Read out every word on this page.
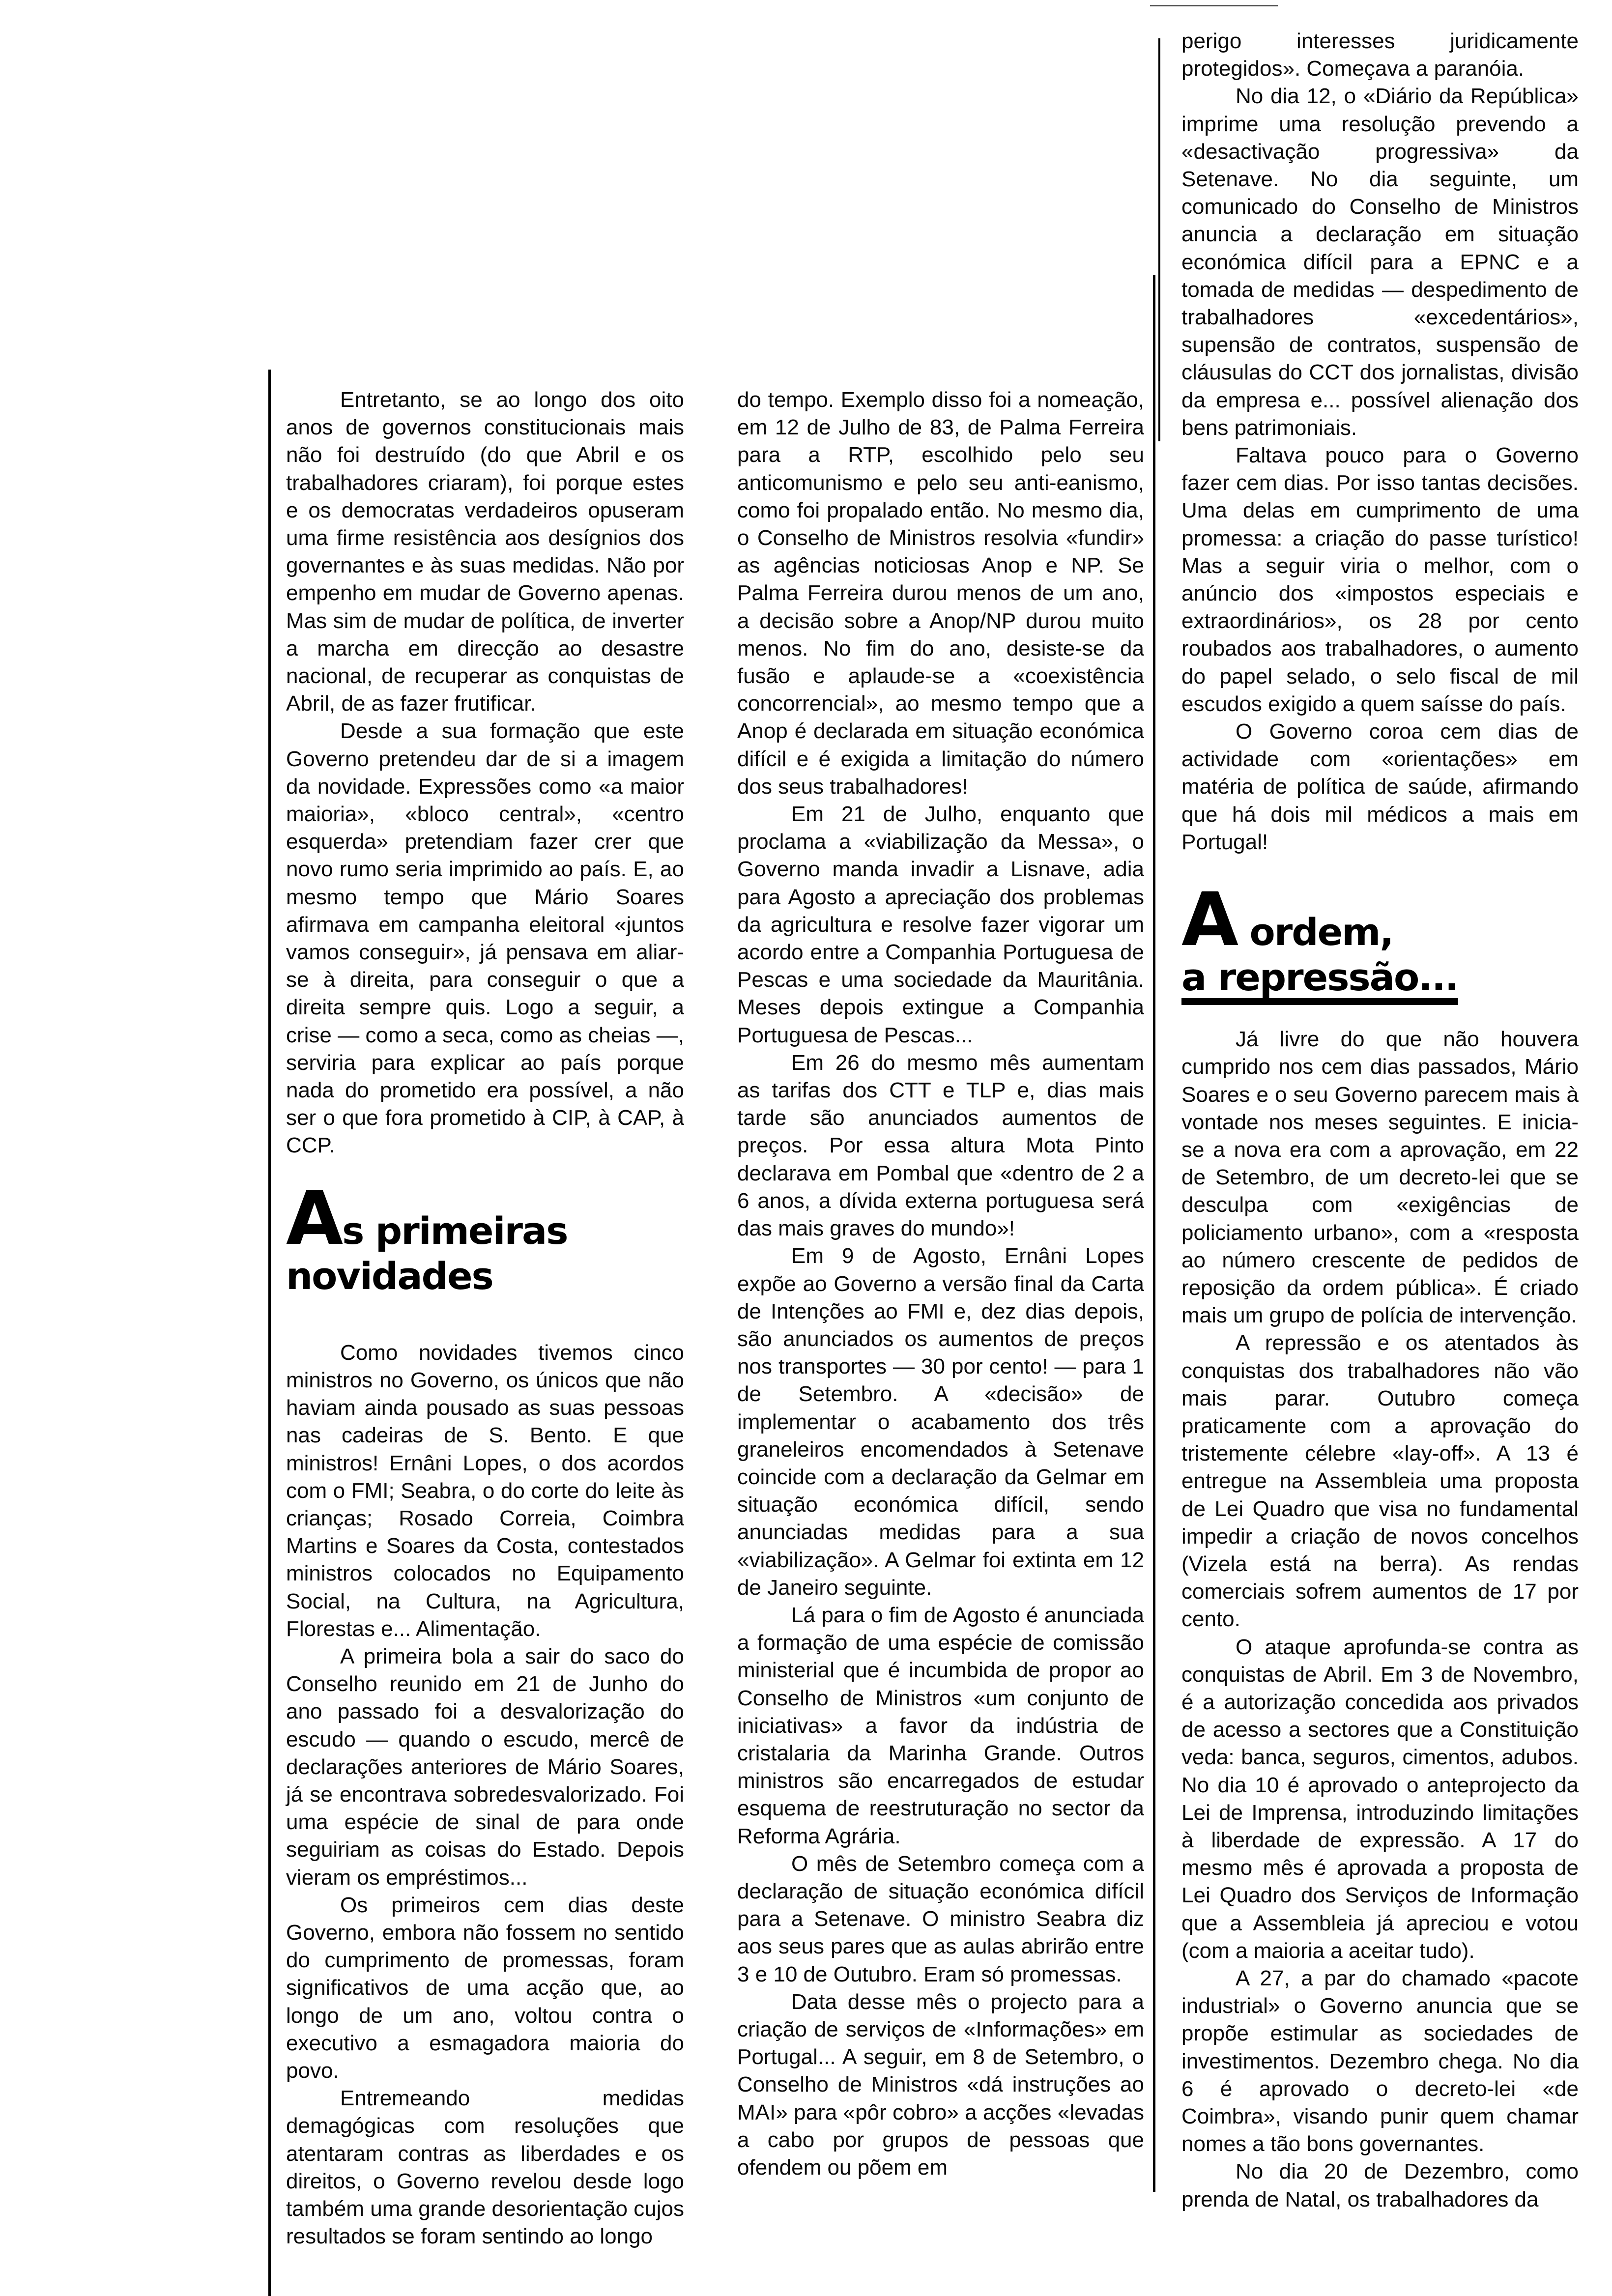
Entretanto, se ao longo dos oito anos de governos constitucionais mais não foi destruído (do que Abril e os trabalhadores criaram), foi porque estes e os democratas verdadeiros opuseram uma firme resistência aos desígnios dos governantes e às suas medidas. Não por empenho em mudar de Governo apenas. Mas sim de mudar de política, de inverter a marcha em direcção ao desastre nacional, de recuperar as conquistas de Abril, de as fazer frutificar.

Desde a sua formação que este Governo pretendeu dar de si a imagem da novidade. Expressões como «a maior maioria», «bloco central», «centro esquerda» pretendiam fazer crer que novo rumo seria imprimido ao país. E, ao mesmo tempo que Mário Soares afirmava em campanha eleitoral «juntos vamos conseguir», já pensava em aliar-se à direita, para conseguir o que a direita sempre quis. Logo a seguir, a crise — como a seca, como as cheias —, serviria para explicar ao país porque nada do prometido era possível, a não ser o que fora prometido à CIP, à CAP, à CCP.

As primeiras
novidades

Como novidades tivemos cinco ministros no Governo, os únicos que não haviam ainda pousado as suas pessoas nas cadeiras de S. Bento. E que ministros! Ernâni Lopes, o dos acordos com o FMI; Seabra, o do corte do leite às crianças; Rosado Correia, Coimbra Martins e Soares da Costa, contestados ministros colocados no Equipamento Social, na Cultura, na Agricultura, Florestas e... Alimentação.

A primeira bola a sair do saco do Conselho reunido em 21 de Junho do ano passado foi a desvalorização do escudo — quando o escudo, mercê de declarações anteriores de Mário Soares, já se encontrava sobredesvalorizado. Foi uma espécie de sinal de para onde seguiriam as coisas do Estado. Depois vieram os empréstimos...

Os primeiros cem dias deste Governo, embora não fossem no sentido do cumprimento de promessas, foram significativos de uma acção que, ao longo de um ano, voltou contra o executivo a esmagadora maioria do povo.

Entremeando medidas demagógicas com resoluções que atentaram contras as liberdades e os direitos, o Governo revelou desde logo também uma grande desorientação cujos resultados se foram sentindo ao longo

do tempo. Exemplo disso foi a nomeação, em 12 de Julho de 83, de Palma Ferreira para a RTP, escolhido pelo seu anticomunismo e pelo seu anti-eanismo, como foi propalado então. No mesmo dia, o Conselho de Ministros resolvia «fundir» as agências noticiosas Anop e NP. Se Palma Ferreira durou menos de um ano, a decisão sobre a Anop/NP durou muito menos. No fim do ano, desiste-se da fusão e aplaude-se a «coexistência concorrencial», ao mesmo tempo que a Anop é declarada em situação económica difícil e é exigida a limitação do número dos seus trabalhadores!

Em 21 de Julho, enquanto que proclama a «viabilização da Messa», o Governo manda invadir a Lisnave, adia para Agosto a apreciação dos problemas da agricultura e resolve fazer vigorar um acordo entre a Companhia Portuguesa de Pescas e uma sociedade da Mauritânia. Meses depois extingue a Companhia Portuguesa de Pescas...

Em 26 do mesmo mês aumentam as tarifas dos CTT e TLP e, dias mais tarde são anunciados aumentos de preços. Por essa altura Mota Pinto declarava em Pombal que «dentro de 2 a 6 anos, a dívida externa portuguesa será das mais graves do mundo»!

Em 9 de Agosto, Ernâni Lopes expõe ao Governo a versão final da Carta de Intenções ao FMI e, dez dias depois, são anunciados os aumentos de preços nos transportes — 30 por cento! — para 1 de Setembro. A «decisão» de implementar o acabamento dos três graneleiros encomendados à Setenave coincide com a declaração da Gelmar em situação económica difícil, sendo anunciadas medidas para a sua «viabilização». A Gelmar foi extinta em 12 de Janeiro seguinte.

Lá para o fim de Agosto é anunciada a formação de uma espécie de comissão ministerial que é incumbida de propor ao Conselho de Ministros «um conjunto de iniciativas» a favor da indústria de cristalaria da Marinha Grande. Outros ministros são encarregados de estudar esquema de reestruturação no sector da Reforma Agrária.

O mês de Setembro começa com a declaração de situação económica difícil para a Setenave. O ministro Seabra diz aos seus pares que as aulas abrirão entre 3 e 10 de Outubro. Eram só promessas.

Data desse mês o projecto para a criação de serviços de «Informações» em Portugal... A seguir, em 8 de Setembro, o Conselho de Ministros «dá instruções ao MAI» para «pôr cobro» a acções «levadas a cabo por grupos de pessoas que ofendem ou põem em

perigo interesses juridicamente protegidos». Começava a paranóia.

No dia 12, o «Diário da República» imprime uma resolução prevendo a «desactivação progressiva» da Setenave. No dia seguinte, um comunicado do Conselho de Ministros anuncia a declaração em situação económica difícil para a EPNC e a tomada de medidas — despedimento de trabalhadores «excedentários», supensão de contratos, suspensão de cláusulas do CCT dos jornalistas, divisão da empresa e... possível alienação dos bens patrimoniais.

Faltava pouco para o Governo fazer cem dias. Por isso tantas decisões. Uma delas em cumprimento de uma promessa: a criação do passe turístico! Mas a seguir viria o melhor, com o anúncio dos «impostos especiais e extraordinários», os 28 por cento roubados aos trabalhadores, o aumento do papel selado, o selo fiscal de mil escudos exigido a quem saísse do país.

O Governo coroa cem dias de actividade com «orientações» em matéria de política de saúde, afirmando que há dois mil médicos a mais em Portugal!

A ordem,
a repressão...

Já livre do que não houvera cumprido nos cem dias passados, Mário Soares e o seu Governo parecem mais à vontade nos meses seguintes. E inicia-se a nova era com a aprovação, em 22 de Setembro, de um decreto-lei que se desculpa com «exigências de policiamento urbano», com a «resposta ao número crescente de pedidos de reposição da ordem pública». É criado mais um grupo de polícia de intervenção.

A repressão e os atentados às conquistas dos trabalhadores não vão mais parar. Outubro começa praticamente com a aprovação do tristemente célebre «lay-off». A 13 é entregue na Assembleia uma proposta de Lei Quadro que visa no fundamental impedir a criação de novos concelhos (Vizela está na berra). As rendas comerciais sofrem aumentos de 17 por cento.

O ataque aprofunda-se contra as conquistas de Abril. Em 3 de Novembro, é a autorização concedida aos privados de acesso a sectores que a Constituição veda: banca, seguros, cimentos, adubos. No dia 10 é aprovado o anteprojecto da Lei de Imprensa, introduzindo limitações à liberdade de expressão. A 17 do mesmo mês é aprovada a proposta de Lei Quadro dos Serviços de Informação que a Assembleia já apreciou e votou (com a maioria a aceitar tudo).

A 27, a par do chamado «pacote industrial» o Governo anuncia que se propõe estimular as sociedades de investimentos. Dezembro chega. No dia 6 é aprovado o decreto-lei «de Coimbra», visando punir quem chamar nomes a tão bons governantes.

No dia 20 de Dezembro, como prenda de Natal, os trabalhadores da
